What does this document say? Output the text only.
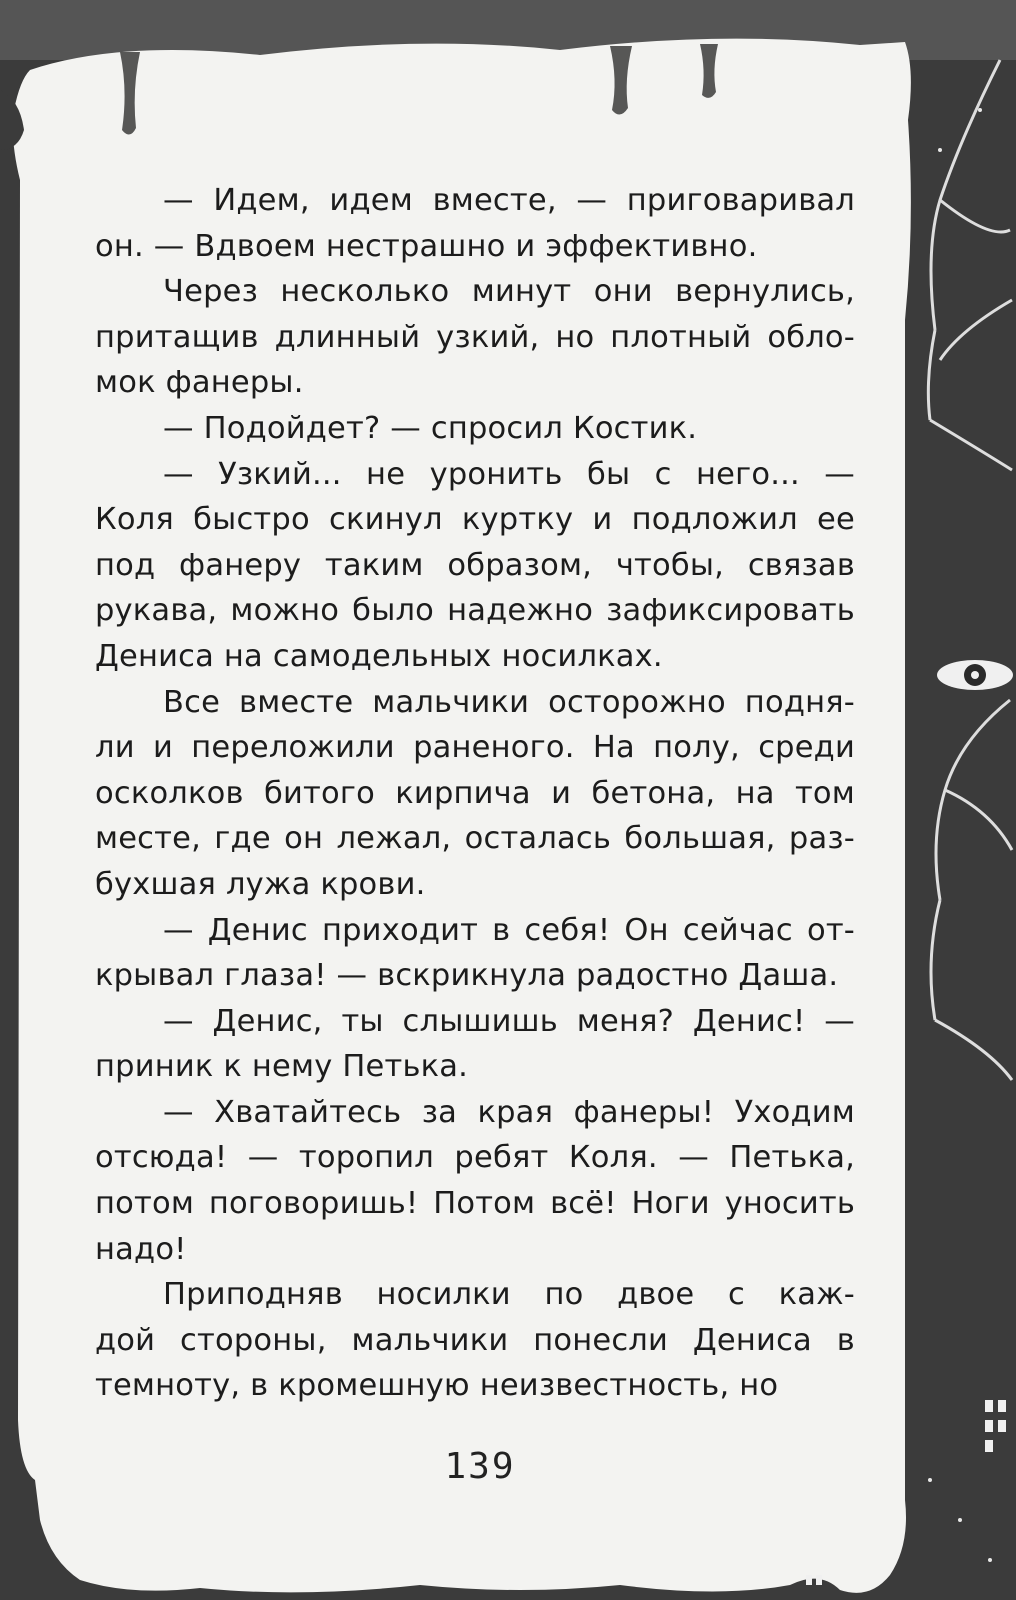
— Идем, идем вместе, — приговаривал
он. — Вдвоем нестрашно и эффективно.
Через несколько минут они вернулись,
притащив длинный узкий, но плотный обло-
мок фанеры.
— Подойдет? — спросил Костик.
— Узкий... не уронить бы с него... —
Коля быстро скинул куртку и подложил ее
под фанеру таким образом, чтобы, связав
рукава, можно было надежно зафиксировать
Дениса на самодельных носилках.
Все вместе мальчики осторожно подня-
ли и переложили раненого. На полу, среди
осколков битого кирпича и бетона, на том
месте, где он лежал, осталась большая, раз-
бухшая лужа крови.
— Денис приходит в себя! Он сейчас от-
крывал глаза! — вскрикнула радостно Даша.
— Денис, ты слышишь меня? Денис! —
приник к нему Петька.
— Хватайтесь за края фанеры! Уходим
отсюда! — торопил ребят Коля. — Петька,
потом поговоришь! Потом всё! Ноги уносить
надо!
Приподняв носилки по двое с каж-
дой стороны, мальчики понесли Дениса в
темноту, в кромешную неизвестность, но
139
